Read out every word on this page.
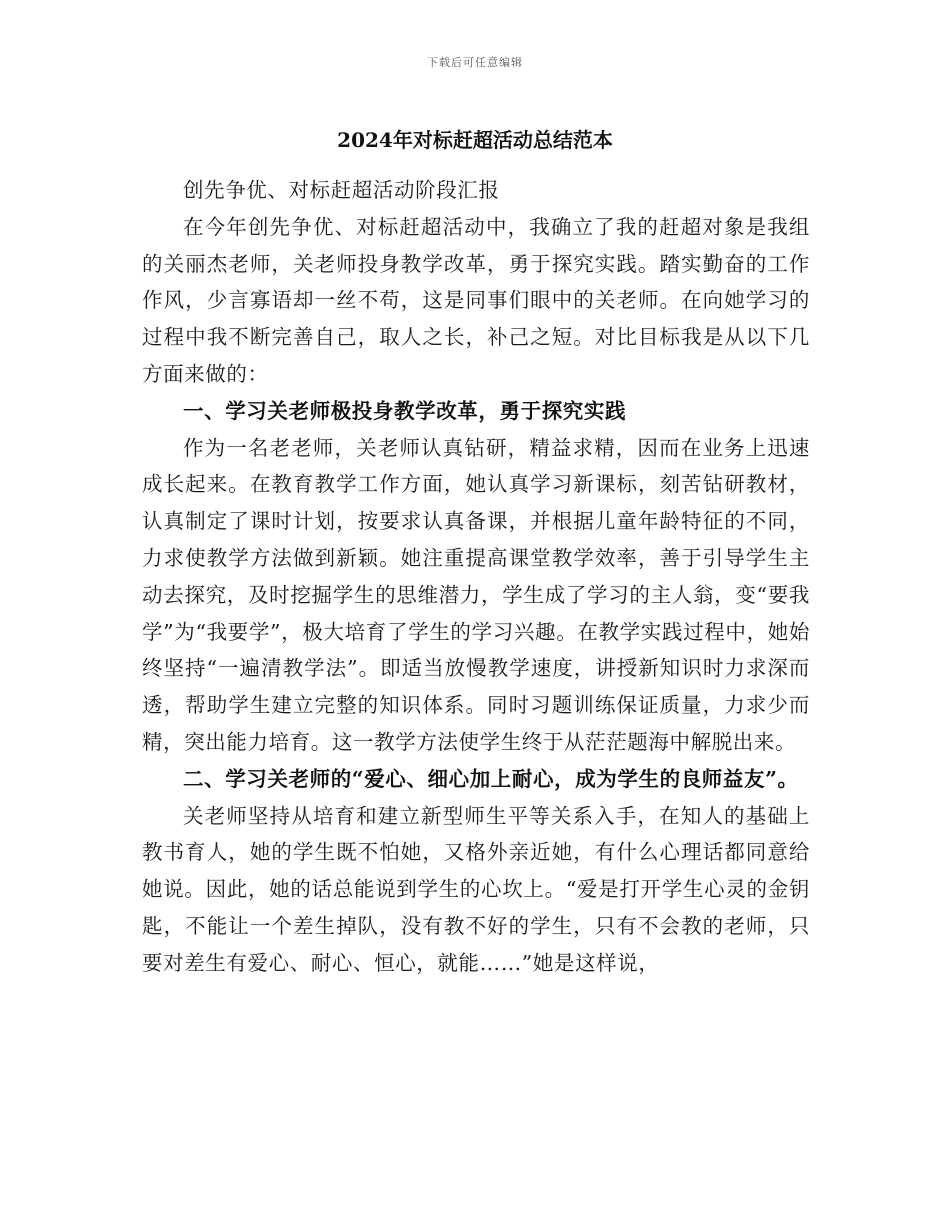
下载后可任意编辑
2024年对标赶超活动总结范本

创先争优、对标赶超活动阶段汇报

在今年创先争优、对标赶超活动中，我确立了我的赶超对象是我组的关丽杰老师，关老师投身教学改革，勇于探究实践。踏实勤奋的工作作风，少言寡语却一丝不苟，这是同事们眼中的关老师。在向她学习的过程中我不断完善自己，取人之长，补己之短。对比目标我是从以下几方面来做的：

一、学习关老师极投身教学改革，勇于探究实践

作为一名老老师，关老师认真钻研，精益求精，因而在业务上迅速成长起来。在教育教学工作方面，她认真学习新课标，刻苦钻研教材，认真制定了课时计划，按要求认真备课，并根据儿童年龄特征的不同，力求使教学方法做到新颖。她注重提高课堂教学效率，善于引导学生主动去探究，及时挖掘学生的思维潜力，学生成了学习的主人翁，变“要我学”为“我要学”，极大培育了学生的学习兴趣。在教学实践过程中，她始终坚持“一遍清教学法”。即适当放慢教学速度，讲授新知识时力求深而透，帮助学生建立完整的知识体系。同时习题训练保证质量，力求少而精，突出能力培育。这一教学方法使学生终于从茫茫题海中解脱出来。

二、学习关老师的“爱心、细心加上耐心，成为学生的良师益友”。

关老师坚持从培育和建立新型师生平等关系入手，在知人的基础上教书育人，她的学生既不怕她，又格外亲近她，有什么心理话都同意给她说。因此，她的话总能说到学生的心坎上。“爱是打开学生心灵的金钥匙，不能让一个差生掉队，没有教不好的学生，只有不会教的老师，只要对差生有爱心、耐心、恒心，就能……”她是这样说，
